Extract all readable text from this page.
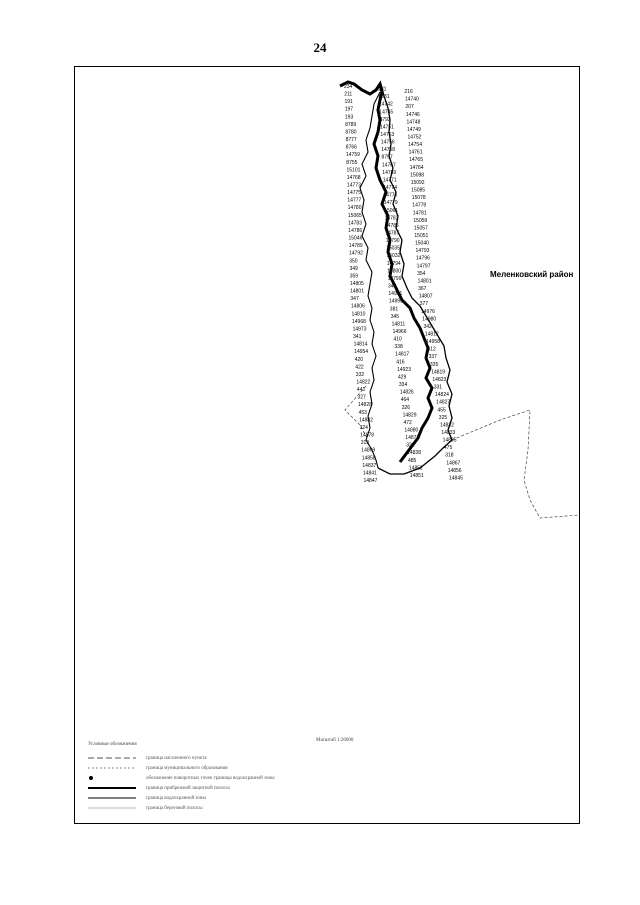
24
234	231	216
211	8631	14740
191	14742	207
197	14745	14746
193	8792	14748
8789	14751	14749
8780	14753	14752
8777	14756	14754
8766	14758	14761
14759	8757	14765
8755	14767	14764
15101	14769	15098
14768	14771	15092
14773	14774	15085
14775	14776	15078
14777	14779	14778
14780	15061	14781
15065	14782	15059
14783	14785	15057
14786	14787	15051
15046	14790	15040
14789	15035	14793
14792	15032	14796
350	14794	14797
349	14800	354
359	14799	14801
14805	348	367
14801	14991	14807
347	14995	377
14806	381	14976
14810	345	14980
14968	14811	342
14973	14966	14812
341	410	14958
14814	338	412
14954	14817	337
420	416	335
422	14923	14819
332	429	14823
14822	334	331
441	14826	14824
327	464	14827
14828	326	455
453	14829	325
14882	472	14832
324	14880	14833
14878	14871	14835
319	321	475
14869	14838	318
14858	485	14867
14837	14852	14856
14841	14851	14845
14847
Меленковский район
Масштаб 1:26000
Условные обозначения
граница населенного пункта
граница муниципального образования
обозначение поворотных точек границы водоохранной зоны
граница прибрежной защитной полосы
граница водоохранной зоны
граница береговой полосы
